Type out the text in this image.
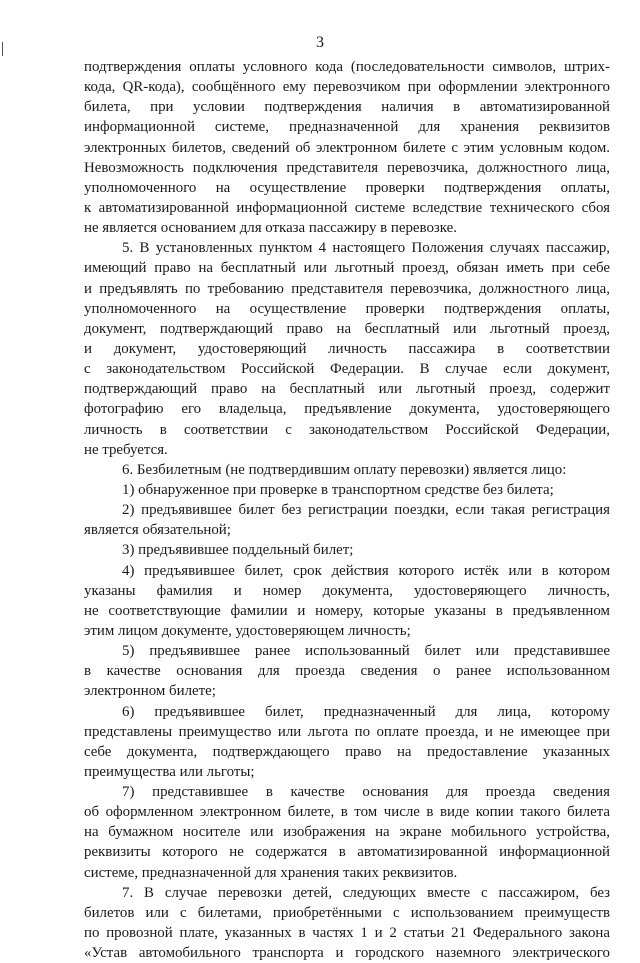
3
подтверждения оплаты условного кода (последовательности символов, штрих-
кода, QR-кода), сообщённого ему перевозчиком при оформлении электронного
билета, при условии подтверждения наличия в автоматизированной
информационной системе, предназначенной для хранения реквизитов
электронных билетов, сведений об электронном билете с этим условным кодом.
Невозможность подключения представителя перевозчика, должностного лица,
уполномоченного на осуществление проверки подтверждения оплаты,
к автоматизированной информационной системе вследствие технического сбоя
не является основанием для отказа пассажиру в перевозке.
5. В установленных пунктом 4 настоящего Положения случаях пассажир,
имеющий право на бесплатный или льготный проезд, обязан иметь при себе
и предъявлять по требованию представителя перевозчика, должностного лица,
уполномоченного на осуществление проверки подтверждения оплаты,
документ, подтверждающий право на бесплатный или льготный проезд,
и документ, удостоверяющий личность пассажира в соответствии
с законодательством Российской Федерации. В случае если документ,
подтверждающий право на бесплатный или льготный проезд, содержит
фотографию его владельца, предъявление документа, удостоверяющего
личность в соответствии с законодательством Российской Федерации,
не требуется.
6. Безбилетным (не подтвердившим оплату перевозки) является лицо:
1) обнаруженное при проверке в транспортном средстве без билета;
2) предъявившее билет без регистрации поездки, если такая регистрация
является обязательной;
3) предъявившее поддельный билет;
4) предъявившее билет, срок действия которого истёк или в котором
указаны фамилия и номер документа, удостоверяющего личность,
не соответствующие фамилии и номеру, которые указаны в предъявленном
этим лицом документе, удостоверяющем личность;
5) предъявившее ранее использованный билет или представившее
в качестве основания для проезда сведения о ранее использованном
электронном билете;
6) предъявившее билет, предназначенный для лица, которому
представлены преимущество или льгота по оплате проезда, и не имеющее при
себе документа, подтверждающего право на предоставление указанных
преимущества или льготы;
7) представившее в качестве основания для проезда сведения
об оформленном электронном билете, в том числе в виде копии такого билета
на бумажном носителе или изображения на экране мобильного устройства,
реквизиты которого не содержатся в автоматизированной информационной
системе, предназначенной для хранения таких реквизитов.
7. В случае перевозки детей, следующих вместе с пассажиром, без
билетов или с билетами, приобретёнными с использованием преимуществ
по провозной плате, указанных в частях 1 и 2 статьи 21 Федерального закона
«Устав автомобильного транспорта и городского наземного электрического
